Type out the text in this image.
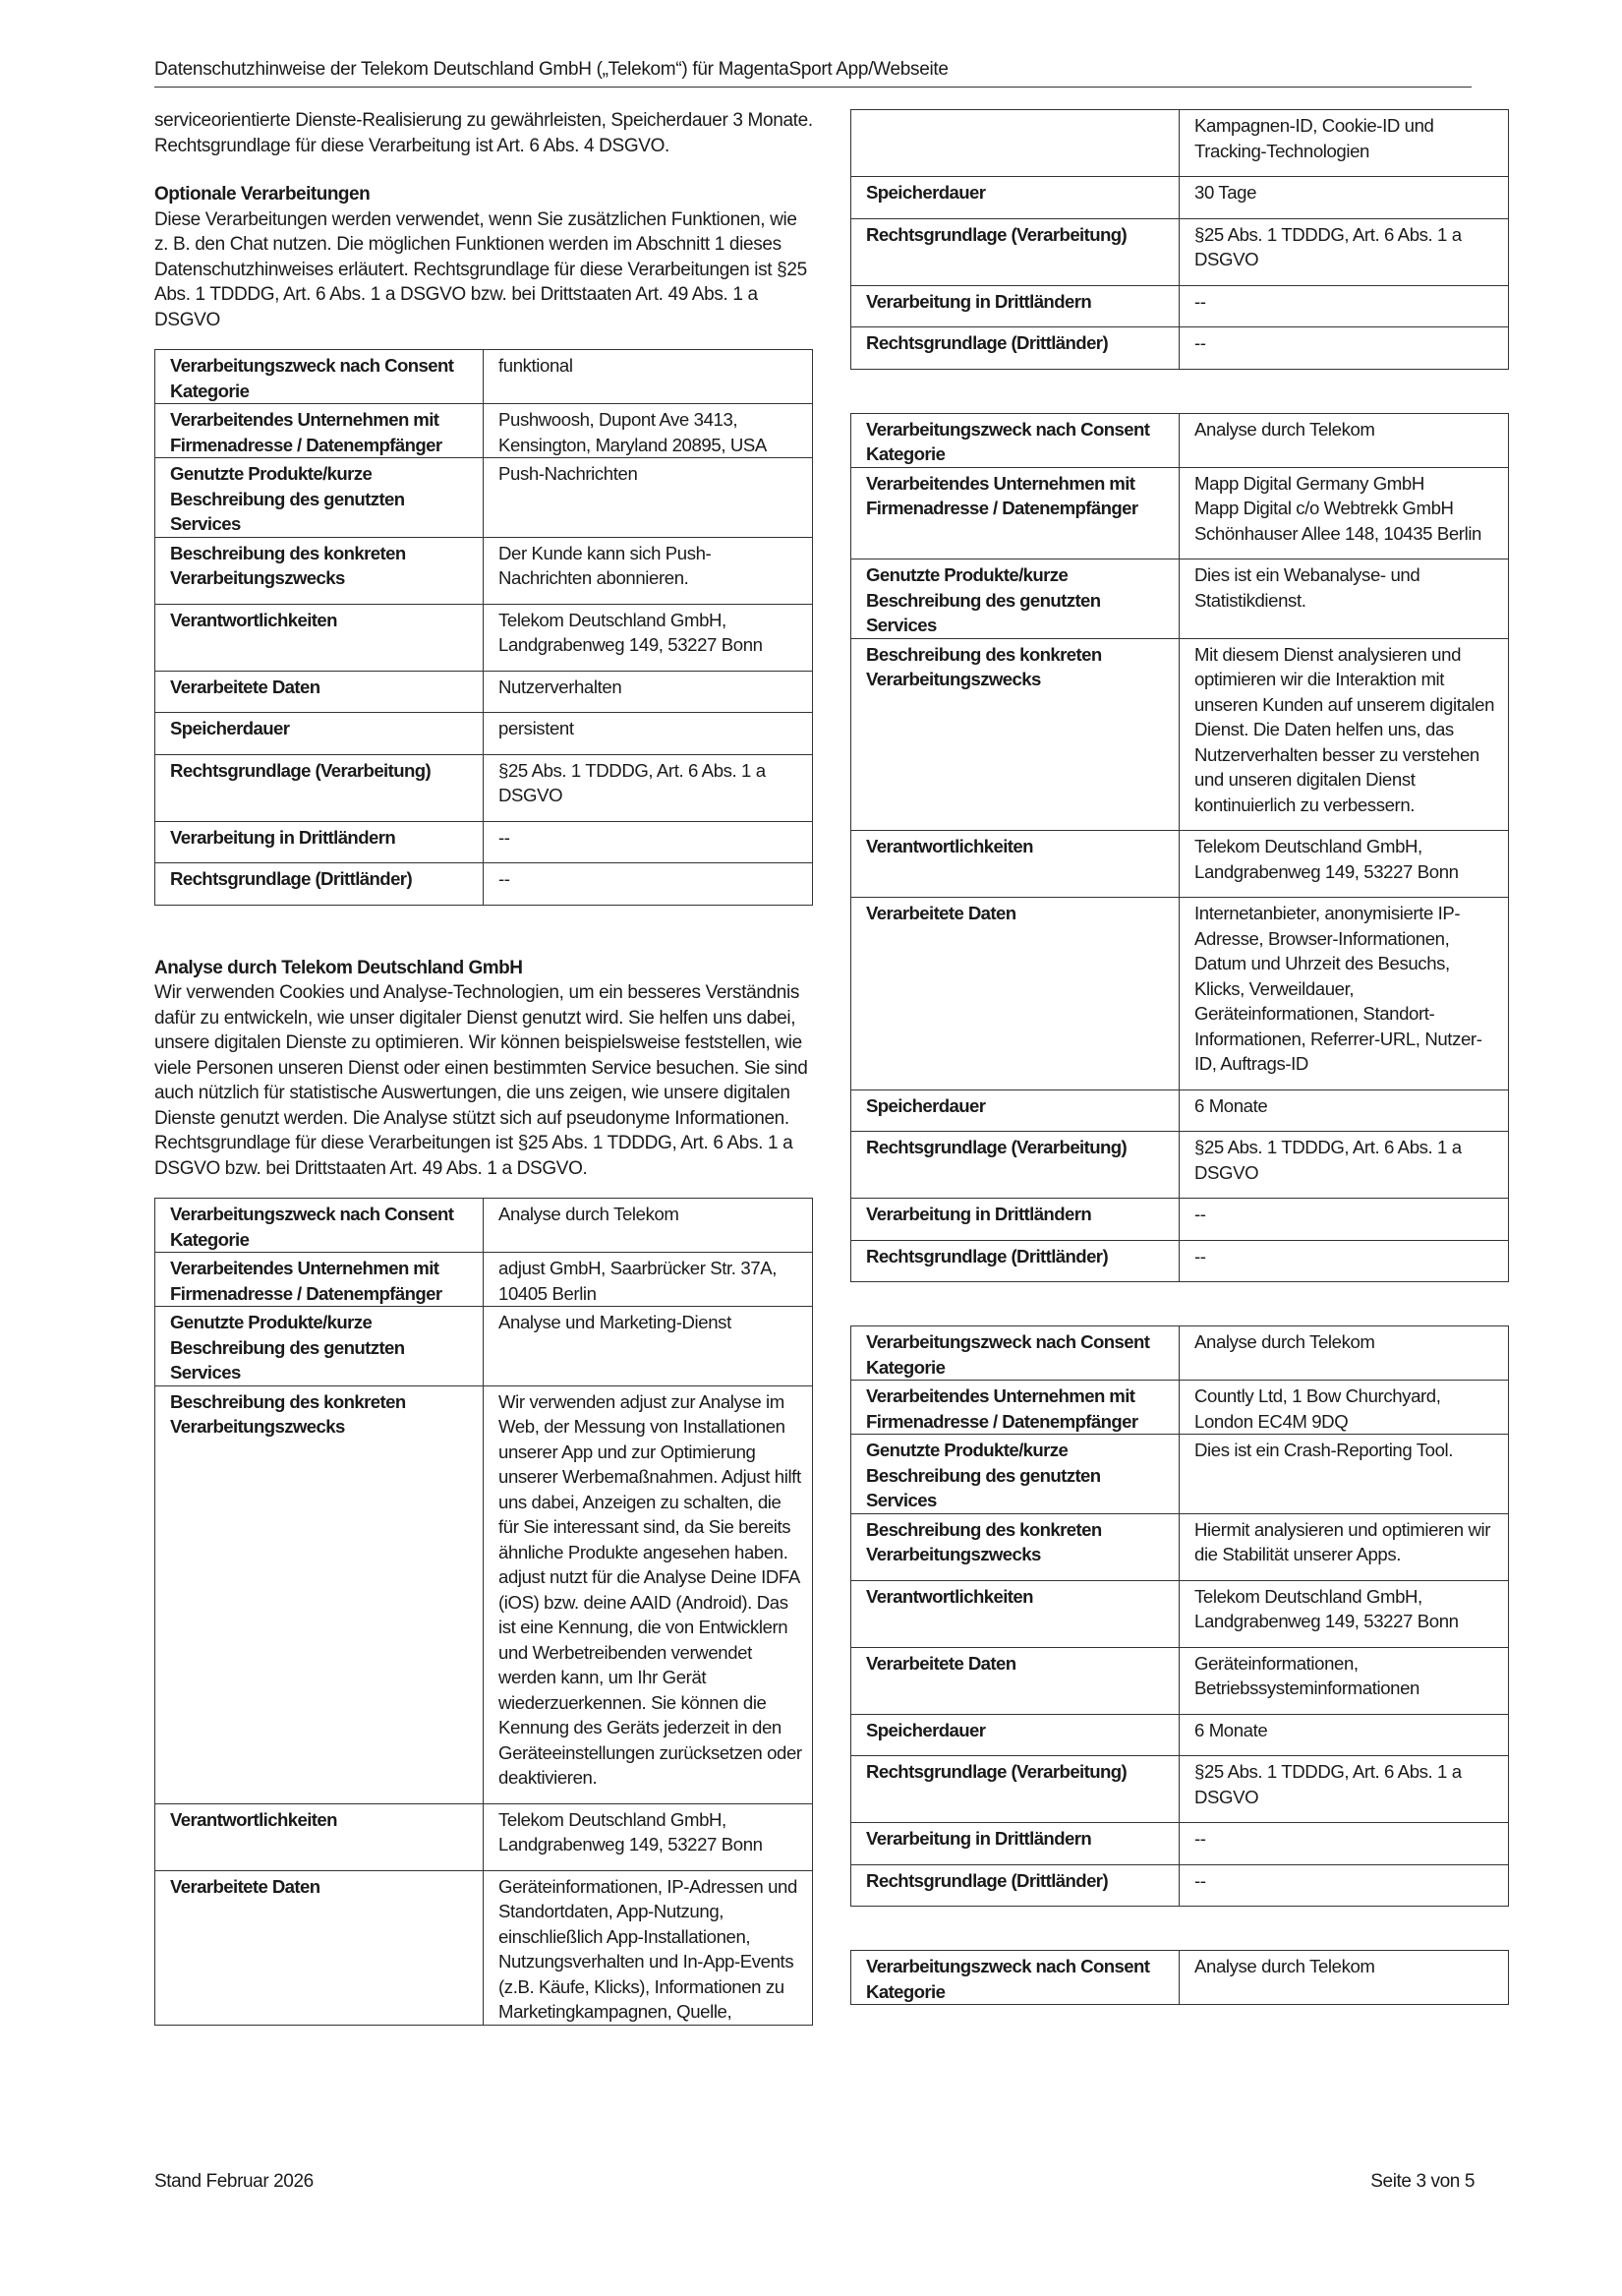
Datenschutzhinweise der Telekom Deutschland GmbH („Telekom“) für MagentaSport App/Webseite

serviceorientierte Dienste-Realisierung zu gewährleisten, Speicherdauer 3 Monate. Rechtsgrundlage für diese Verarbeitung ist Art. 6 Abs. 4 DSGVO.

Optionale Verarbeitungen

Diese Verarbeitungen werden verwendet, wenn Sie zusätzlichen Funktionen, wie z. B. den Chat nutzen. Die möglichen Funktionen werden im Abschnitt 1 dieses Datenschutzhinweises erläutert. Rechtsgrundlage für diese Verarbeitungen ist §25 Abs. 1 TDDDG, Art. 6 Abs. 1 a DSGVO bzw. bei Drittstaaten Art. 49 Abs. 1 a DSGVO

Verarbeitungszweck nach Consent Kategorie	funktional
Verarbeitendes Unternehmen mit Firmenadresse / Datenempfänger	Pushwoosh, Dupont Ave 3413, Kensington, Maryland 20895, USA
Genutzte Produkte/kurze Beschreibung des genutzten Services	Push-Nachrichten
Beschreibung des konkreten Verarbeitungszwecks	Der Kunde kann sich Push-Nachrichten abonnieren.
Verantwortlichkeiten	Telekom Deutschland GmbH, Landgrabenweg 149, 53227 Bonn
Verarbeitete Daten	Nutzerverhalten
Speicherdauer	persistent
Rechtsgrundlage (Verarbeitung)	§25 Abs. 1 TDDDG, Art. 6 Abs. 1 a DSGVO
Verarbeitung in Drittländern	--
Rechtsgrundlage (Drittländer)	--

Analyse durch Telekom Deutschland GmbH

Wir verwenden Cookies und Analyse-Technologien, um ein besseres Verständnis dafür zu entwickeln, wie unser digitaler Dienst genutzt wird. Sie helfen uns dabei, unsere digitalen Dienste zu optimieren. Wir können beispielsweise feststellen, wie viele Personen unseren Dienst oder einen bestimmten Service besuchen. Sie sind auch nützlich für statistische Auswertungen, die uns zeigen, wie unsere digitalen Dienste genutzt werden. Die Analyse stützt sich auf pseudonyme Informationen. Rechtsgrundlage für diese Verarbeitungen ist §25 Abs. 1 TDDDG, Art. 6 Abs. 1 a DSGVO bzw. bei Drittstaaten Art. 49 Abs. 1 a DSGVO.

Verarbeitungszweck nach Consent Kategorie	Analyse durch Telekom
Verarbeitendes Unternehmen mit Firmenadresse / Datenempfänger	adjust GmbH, Saarbrücker Str. 37A, 10405 Berlin
Genutzte Produkte/kurze Beschreibung des genutzten Services	Analyse und Marketing-Dienst
Beschreibung des konkreten Verarbeitungszwecks	Wir verwenden adjust zur Analyse im Web, der Messung von Installationen unserer App und zur Optimierung unserer Werbemaßnahmen. Adjust hilft uns dabei, Anzeigen zu schalten, die für Sie interessant sind, da Sie bereits ähnliche Produkte angesehen haben. adjust nutzt für die Analyse Deine IDFA (iOS) bzw. deine AAID (Android). Das ist eine Kennung, die von Entwicklern und Werbetreibenden verwendet werden kann, um Ihr Gerät wiederzuerkennen. Sie können die Kennung des Geräts jederzeit in den Geräteeinstellungen zurücksetzen oder deaktivieren.
Verantwortlichkeiten	Telekom Deutschland GmbH, Landgrabenweg 149, 53227 Bonn
Verarbeitete Daten	Geräteinformationen, IP-Adressen und Standortdaten, App-Nutzung, einschließlich App-Installationen, Nutzungsverhalten und In-App-Events (z.B. Käufe, Klicks), Informationen zu Marketingkampagnen, Quelle,
	Kampagnen-ID, Cookie-ID und Tracking-Technologien
Speicherdauer	30 Tage
Rechtsgrundlage (Verarbeitung)	§25 Abs. 1 TDDDG, Art. 6 Abs. 1 a DSGVO
Verarbeitung in Drittländern	--
Rechtsgrundlage (Drittländer)	--
Verarbeitungszweck nach Consent Kategorie	Analyse durch Telekom
Verarbeitendes Unternehmen mit Firmenadresse / Datenempfänger	Mapp Digital Germany GmbH
Mapp Digital c/o Webtrekk GmbH
Schönhauser Allee 148, 10435 Berlin
Genutzte Produkte/kurze Beschreibung des genutzten Services	Dies ist ein Webanalyse- und Statistikdienst.
Beschreibung des konkreten Verarbeitungszwecks	Mit diesem Dienst analysieren und optimieren wir die Interaktion mit unseren Kunden auf unserem digitalen Dienst. Die Daten helfen uns, das Nutzerverhalten besser zu verstehen und unseren digitalen Dienst kontinuierlich zu verbessern.
Verantwortlichkeiten	Telekom Deutschland GmbH, Landgrabenweg 149, 53227 Bonn
Verarbeitete Daten	Internetanbieter, anonymisierte IP-Adresse, Browser-Informationen, Datum und Uhrzeit des Besuchs, Klicks, Verweildauer, Geräteinformationen, Standort-Informationen, Referrer-URL, Nutzer-ID, Auftrags-ID
Speicherdauer	6 Monate
Rechtsgrundlage (Verarbeitung)	§25 Abs. 1 TDDDG, Art. 6 Abs. 1 a DSGVO
Verarbeitung in Drittländern	--
Rechtsgrundlage (Drittländer)	--
Verarbeitungszweck nach Consent Kategorie	Analyse durch Telekom
Verarbeitendes Unternehmen mit Firmenadresse / Datenempfänger	Countly Ltd, 1 Bow Churchyard, London EC4M 9DQ
Genutzte Produkte/kurze Beschreibung des genutzten Services	Dies ist ein Crash-Reporting Tool.
Beschreibung des konkreten Verarbeitungszwecks	Hiermit analysieren und optimieren wir die Stabilität unserer Apps.
Verantwortlichkeiten	Telekom Deutschland GmbH, Landgrabenweg 149, 53227 Bonn
Verarbeitete Daten	Geräteinformationen, Betriebssysteminformationen
Speicherdauer	6 Monate
Rechtsgrundlage (Verarbeitung)	§25 Abs. 1 TDDDG, Art. 6 Abs. 1 a DSGVO
Verarbeitung in Drittländern	--
Rechtsgrundlage (Drittländer)	--
Verarbeitungszweck nach Consent Kategorie	Analyse durch Telekom
Stand Februar 2026	Seite 3 von 5
